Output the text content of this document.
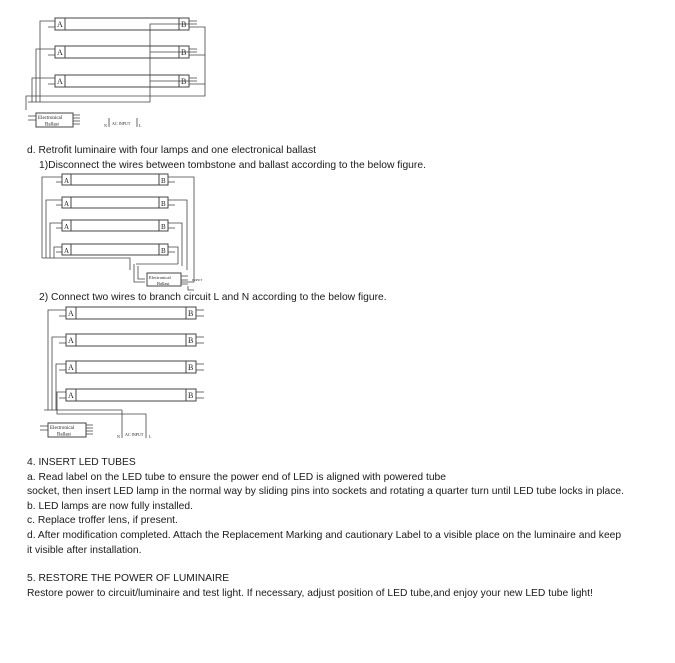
A
A
A
B
B
B
Electronical
Ballast	N AC INPUT L
A
A
A
A
B
B
B
B
Electronical
Ballast
INPUT
A
A
A
A
B
B
B
B
Electronical
Ballast	N AC INPUT L

d. Retrofit luminaire with four lamps and one electronical ballast

1)Disconnect the wires between tombstone and ballast according to the below figure.

2) Connect two wires to branch circuit L and N according to the below figure.

4. INSERT LED TUBES

a. Read label on the LED tube to ensure the power end of LED is aligned with powered tube

socket, then insert LED lamp in the normal way by sliding pins into sockets and rotating a quarter turn until LED tube locks in place.

b. LED lamps are now fully installed.

c. Replace troffer lens, if present.

d. After modification completed. Attach the Replacement Marking and cautionary Label to a visible place on the luminaire and keep

it visible after installation.

5. RESTORE THE POWER OF LUMINAIRE

Restore power to circuit/luminaire and test light. If necessary, adjust position of LED tube,and enjoy your new LED tube light!
